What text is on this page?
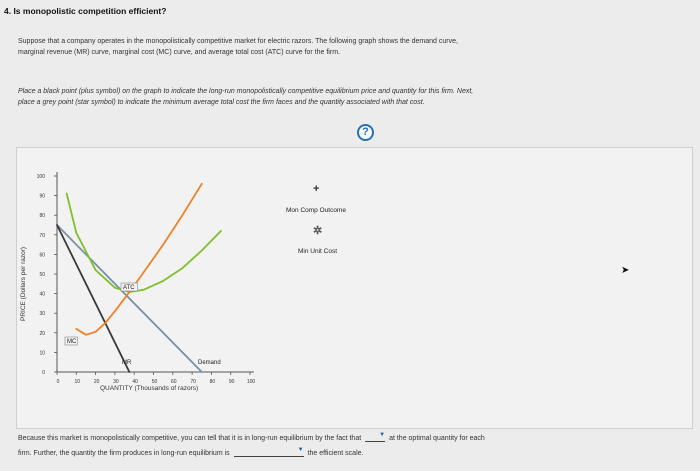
4. Is monopolistic competition efficient?
Suppose that a company operates in the monopolistically competitive market for electric razors. The following graph shows the demand curve,
marginal revenue (MR) curve, marginal cost (MC) curve, and average total cost (ATC) curve for the firm.
Place a black point (plus symbol) on the graph to indicate the long-run monopolistically competitive equilibrium price and quantity for this firm. Next,
place a grey point (star symbol) to indicate the minimum average total cost the firm faces and the quantity associated with that cost.
?
0
10
20
30
40
50
60
70
80
90
100
0	10	20	30	40	50	60	70	80	90 100
Demand
MR
ATC
MC
PRICE (Dollars per razor)
QUANTITY (Thousands of razors)
+
Mon Comp Outcome
✲
Min Unit Cost
➤
Because this market is monopolistically competitive, you can tell that it is in long-run equilibrium by the fact that	▼ at the optimal quantity for each
firm. Further, the quantity the firm produces in long-run equilibrium is	▼ the efficient scale.
